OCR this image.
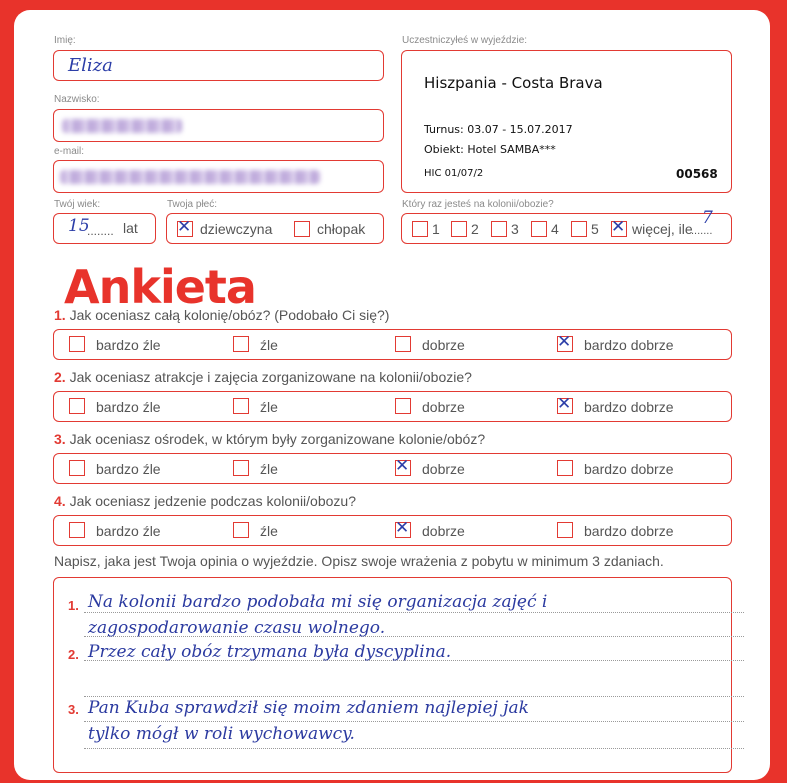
Imię:
Eliza
Nazwisko:
e-mail:
Twój wiek:
15
........ lat
Twoja płeć:
✕ dziewczyna	chłopak
Uczestniczyłeś w wyjeździe:
Hiszpania - Costa Brava
Turnus: 03.07 - 15.07.2017
Obiekt: Hotel SAMBA***
HIC 01/07/2	00568
Który raz jesteś na kolonii/obozie?
1 2 3 4 5 ✕ więcej, ile
.......
7
Ankieta
Napisz, jaka jest Twoja opinia o wyjeździe. Opisz swoje wrażenia z pobytu w minimum 3 zdaniach.
1.
2.
3.
Na kolonii bardzo podobała mi się organizacja zajęć i
zagospodarowanie czasu wolnego.
Przez cały obóz trzymana była dyscyplina.
Pan Kuba sprawdził się moim zdaniem najlepiej jak
tylko mógł w roli wychowawcy.
1. Jak oceniasz całą kolonię/obóz? (Podobało Ci się?)
bardzo źle	źle	dobrze	✕ bardzo dobrze
2. Jak oceniasz atrakcje i zajęcia zorganizowane na kolonii/obozie?
bardzo źle	źle	dobrze	✕ bardzo dobrze
3. Jak oceniasz ośrodek, w którym były zorganizowane kolonie/obóz?
bardzo źle	źle	✕ dobrze	bardzo dobrze
4. Jak oceniasz jedzenie podczas kolonii/obozu?
bardzo źle	źle	✕ dobrze	bardzo dobrze
